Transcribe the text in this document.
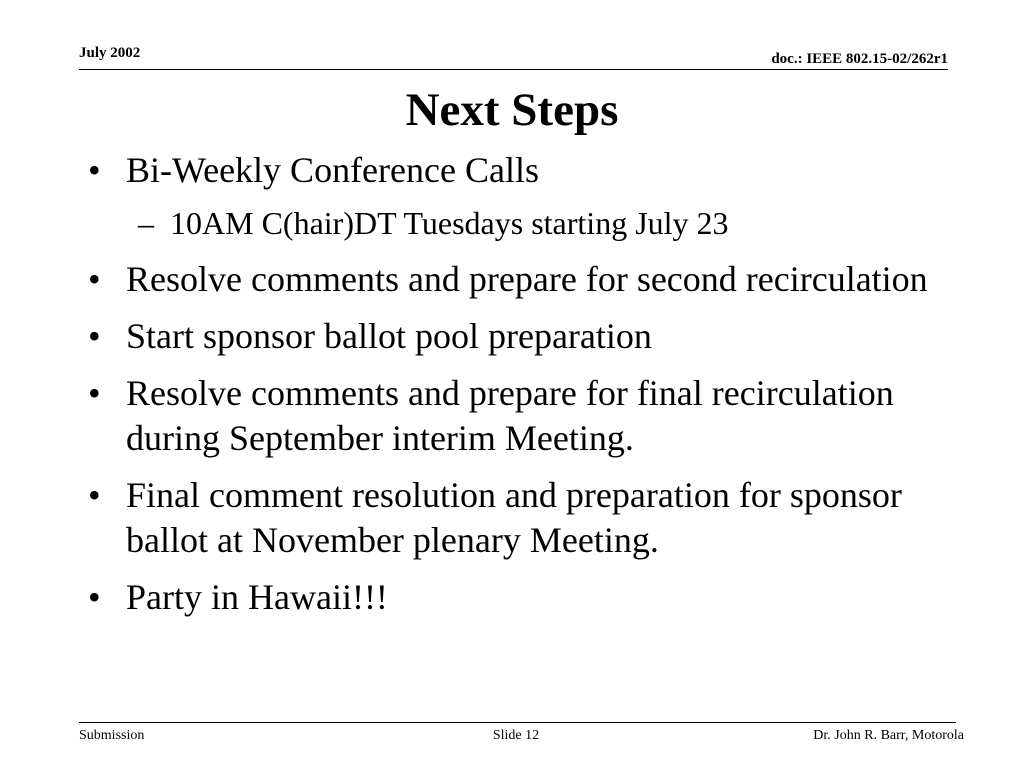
July 2002	doc.: IEEE 802.15-02/262r1
Next Steps
• Bi-Weekly Conference Calls
– 10AM C(hair)DT Tuesdays starting July 23
• Resolve comments and prepare for second recirculation
• Start sponsor ballot pool preparation
• Resolve comments and prepare for final recirculation during September interim Meeting.
• Final comment resolution and preparation for sponsor ballot at November plenary Meeting.
• Party in Hawaii!!!
Submission	Slide 12	Dr. John R. Barr, Motorola
